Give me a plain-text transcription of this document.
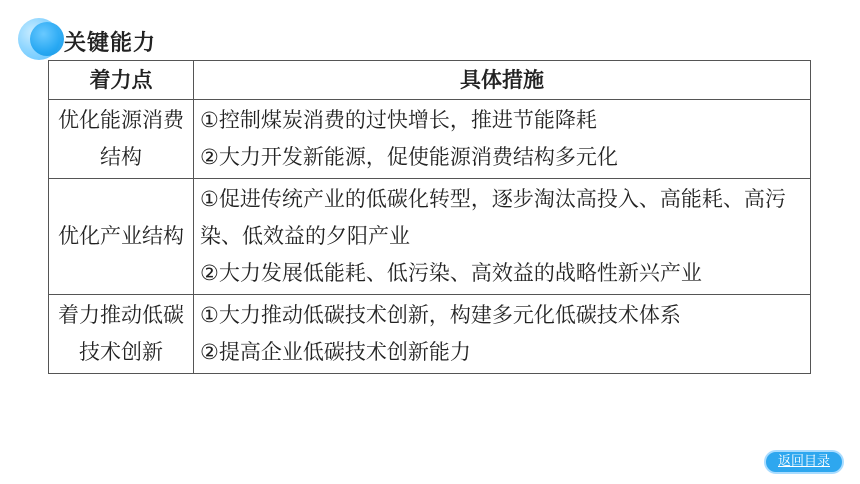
关键能力
着力点	具体措施
优化能源消费结构	①控制煤炭消费的过快增长，推进节能降耗
②大力开发新能源，促使能源消费结构多元化

优化产业结构	①促进传统产业的低碳化转型，逐步淘汰高投入、高能耗、高污染、低效益的夕阳产业
②大力发展低能耗、低污染、高效益的战略性新兴产业

着力推动低碳技术创新	①大力推动低碳技术创新，构建多元化低碳技术体系
②提高企业低碳技术创新能力
返回目录
